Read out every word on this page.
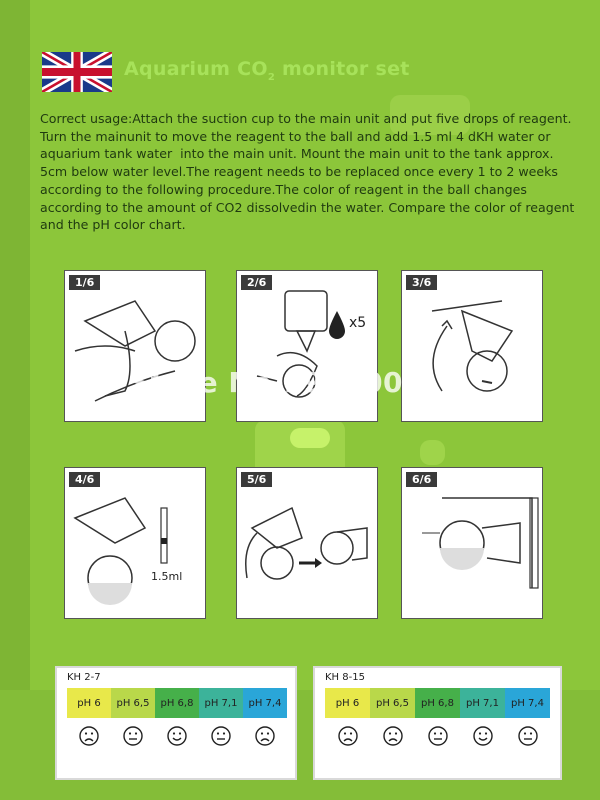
Aquarium $CO_2$ monitor set
Correct usage:Attach the suction cup to the main unit and put five drops of reagent.
Turn the mainunit to move the reagent to the ball and add 1.5 ml 4 dKH water or
aquarium tank water  into the main unit. Mount the main unit to the tank approx.
5cm below water level.The reagent needs to be replaced once every 1 to 2 weeks
according to the following procedure.The color of reagent in the ball changes
according to the amount of CO2 dissolvedin the water. Compare the color of reagent
and the pH color chart.
1/6	2/6
x5
3/6
4/6
1.5ml
5/6	6/6
Store No.1945005
KH 2-7
pH 6	pH 6,5	pH 6,8	pH 7,1	pH 7,4
KH 8-15
pH 6	pH 6,5	pH 6,8	pH 7,1	pH 7,4
